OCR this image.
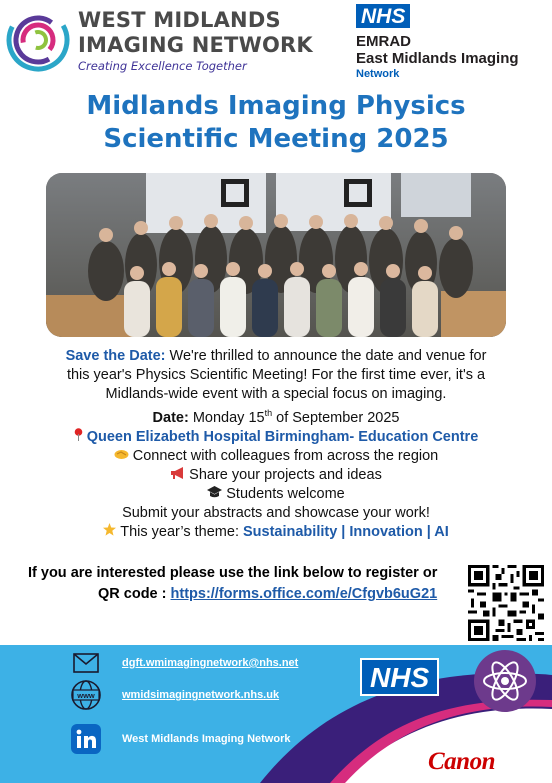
WEST MIDLANDS
IMAGING NETWORK
Creating Excellence Together
NHS
EMRAD
East Midlands Imaging
Network
Midlands Imaging Physics
Scientific Meeting 2025

Save the Date: We're thrilled to announce the date and venue for

this year's Physics Scientific Meeting! For the first time ever, it's a

Midlands-wide event with a special focus on imaging.

Date: Monday 15th of September 2025

Queen Elizabeth Hospital Birmingham- Education Centre

Connect with colleagues from across the region

Share your projects and ideas

Students welcome

Submit your abstracts and showcase your work!

This year’s theme: Sustainability | Innovation | AI

If you are interested please use the link below to register or
QR code : https://forms.office.com/e/Cfgvb6uG21
dgft.wmimagingnetwork@nhs.net
www wmidsimagingnetwork.nhs.uk
West Midlands Imaging Network
NHS
Canon
